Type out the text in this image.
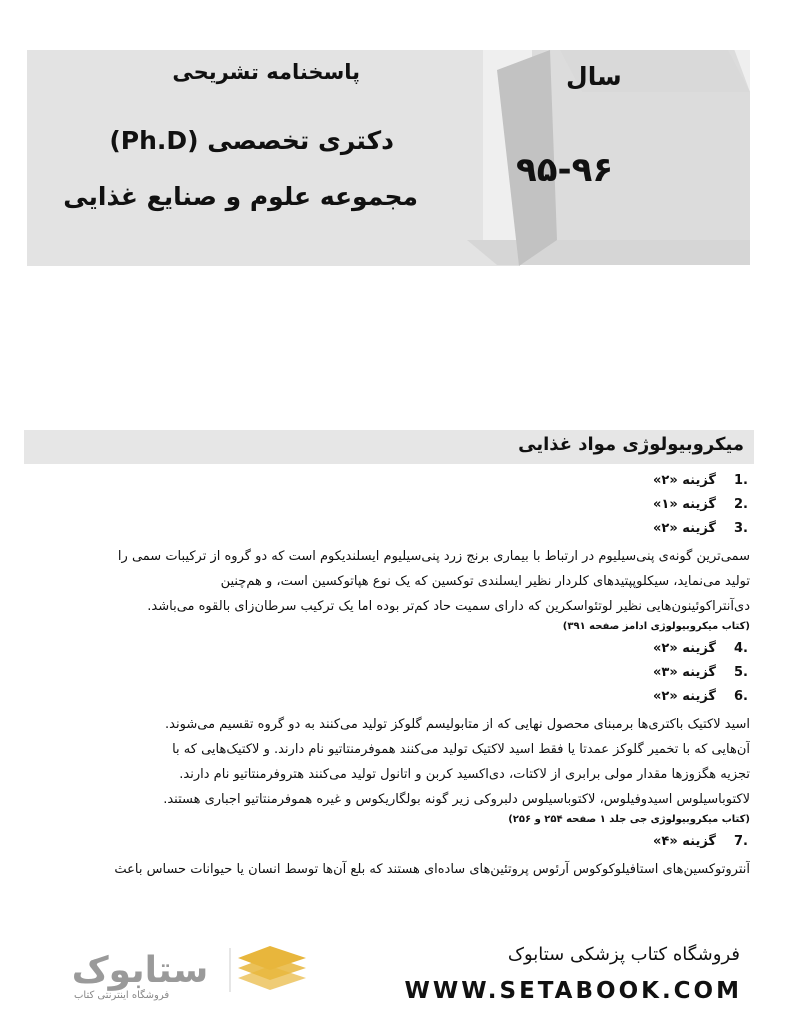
پاسخنامه تشریحی
دکتری تخصصی (Ph.D)
مجموعه علوم و صنایع غذایی
سال
۹۵-۹۶
میکروبیولوژی مواد غذایی
.1
گزینه «۲»
.2
گزینه «۱»
.3
گزینه «۲»
سمی‌ترین گونه‌ی پنی‌سیلیوم در ارتباط با بیماری برنج زرد پنی‌سیلیوم ایسلندیکوم است که دو گروه از ترکیبات سمی را
تولید می‌نماید، سیکلوپپتیدهای کلردار نظیر ایسلندی توکسین که یک نوع هپاتوکسین است، و هم‌چنین
دی‌آنتراکوئینون‌هایی نظیر لوتئواسکرین که دارای سمیت حاد کم‌تر بوده اما یک ترکیب سرطان‌زای بالقوه می‌باشد.
(کتاب میکروبیولوژی ادامز صفحه ۳۹۱)
.4
گزینه «۲»
.5
گزینه «۳»
.6
گزینه «۲»
اسید لاکتیک باکتری‌ها برمبنای محصول نهایی که از متابولیسم گلوکز تولید می‌کنند به دو گروه تقسیم می‌شوند.
آن‌هایی که با تخمیر گلوکز عمدتا یا فقط اسید لاکتیک تولید می‌کنند هموفرمنتاتیو نام دارند. و لاکتیک‌هایی که با
تجزیه هگزوزها مقدار مولی برابری از لاکتات، دی‌اکسید کربن و اتانول تولید می‌کنند هتروفرمنتاتیو نام دارند.
لاکتوباسیلوس اسیدوفیلوس، لاکتوباسیلوس دلبروکی زیر گونه بولگاریکوس و غیره هموفرمنتاتیو اجباری هستند.
(کتاب میکروبیولوژی جی جلد ۱ صفحه ۲۵۴ و ۲۵۶)
.7
گزینه «۴»
آنتروتوکسین‌های استافیلوکوکوس آرئوس پروتئین‌های ساده‌ای هستند که بلع آن‌ها توسط انسان یا حیوانات حساس باعث
ستابوک
فروشگاه اینترنتی کتاب
فروشگاه کتاب پزشکی ستابوک
WWW.SETABOOK.COM
